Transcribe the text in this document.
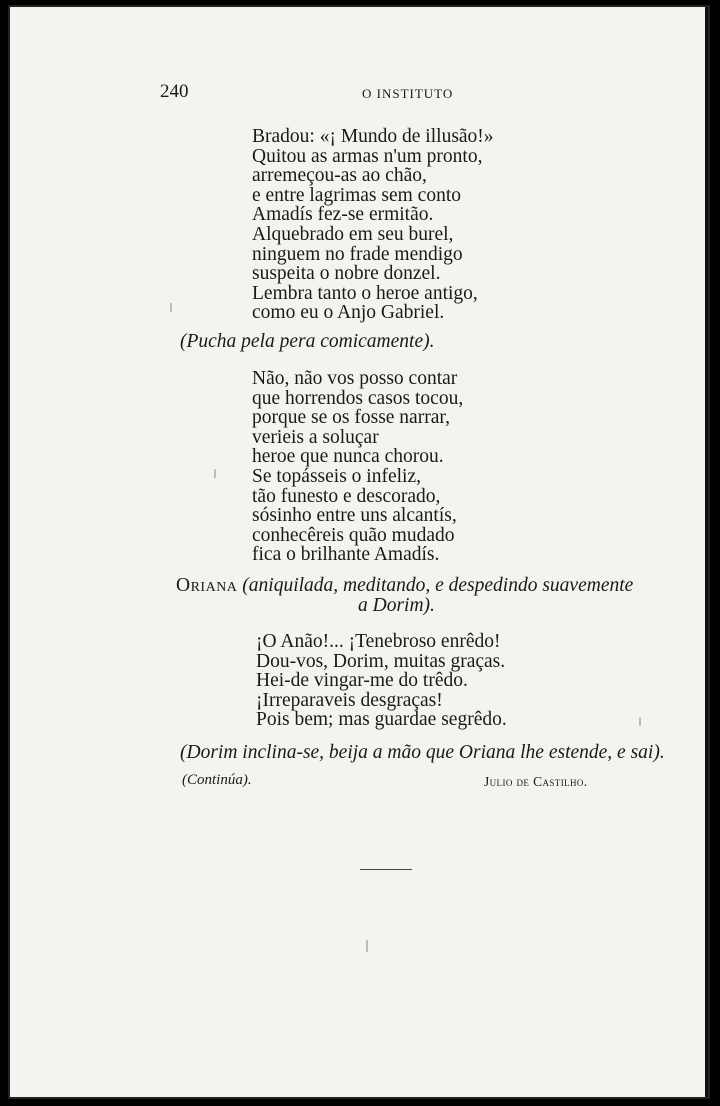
240	O INSTITUTO
Bradou: «¡ Mundo de illusão!»
Quitou as armas n'um pronto,
arremeçou-as ao chão,
e entre lagrimas sem conto
Amadís fez-se ermitão.
Alquebrado em seu burel,
ninguem no frade mendigo
suspeita o nobre donzel.
Lembra tanto o heroe antigo,
como eu o Anjo Gabriel.
(Pucha pela pera comicamente).
Não, não vos posso contar
que horrendos casos tocou,
porque se os fosse narrar,
verieis a soluçar
heroe que nunca chorou.
Se topásseis o infeliz,
tão funesto e descorado,
sósinho entre uns alcantís,
conhecêreis quão mudado
fica o brilhante Amadís.
Oriana (aniquilada, meditando, e despedindo suavemente
a Dorim).
¡O Anão!... ¡Tenebroso enrêdo!
Dou-vos, Dorim, muitas graças.
Hei-de vingar-me do trêdo.
¡Irreparaveis desgraças!
Pois bem; mas guardae segrêdo.
(Dorim inclina-se, beija a mão que Oriana lhe estende, e sai).
(Continúa).	Julio de Castilho.
